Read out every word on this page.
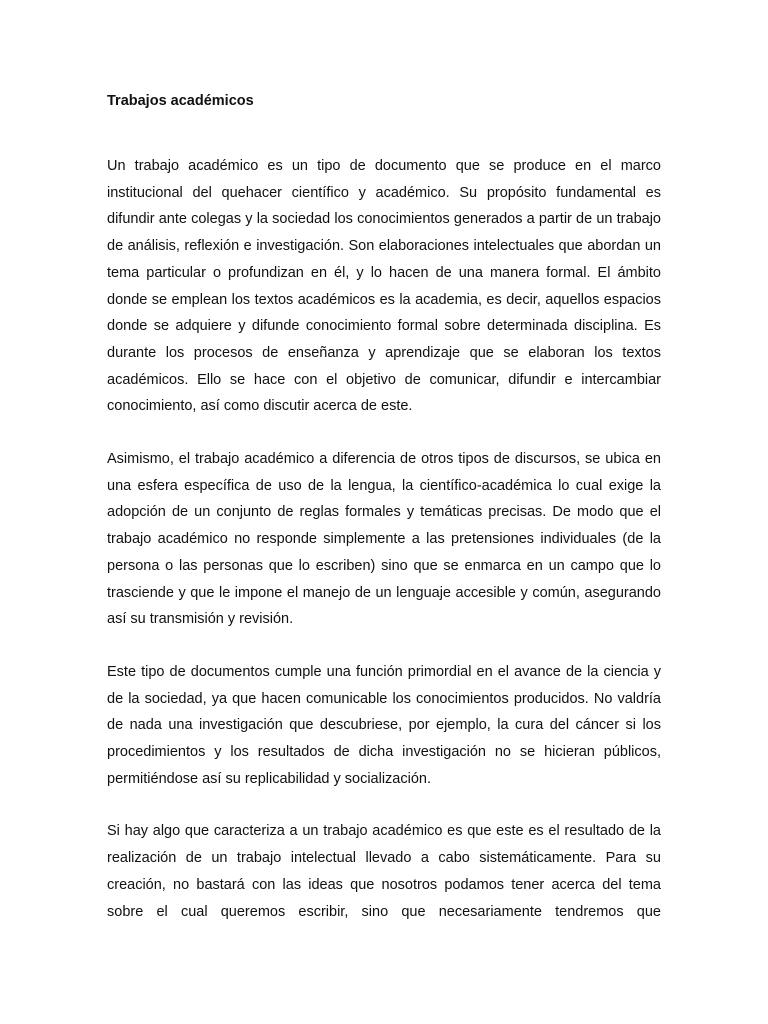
Trabajos académicos

Un trabajo académico es un tipo de documento que se produce en el marco institucional del quehacer científico y académico. Su propósito fundamental es difundir ante colegas y la sociedad los conocimientos generados a partir de un trabajo de análisis, reflexión e investigación. Son elaboraciones intelectuales que abordan un tema particular o profundizan en él, y lo hacen de una manera formal. El ámbito donde se emplean los textos académicos es la academia, es decir, aquellos espacios donde se adquiere y difunde conocimiento formal sobre determinada disciplina. Es durante los procesos de enseñanza y aprendizaje que se elaboran los textos académicos. Ello se hace con el objetivo de comunicar, difundir e intercambiar conocimiento, así como discutir acerca de este.

Asimismo, el trabajo académico a diferencia de otros tipos de discursos, se ubica en una esfera específica de uso de la lengua, la científico-académica lo cual exige la adopción de un conjunto de reglas formales y temáticas precisas. De modo que el trabajo académico no responde simplemente a las pretensiones individuales (de la persona o las personas que lo escriben) sino que se enmarca en un campo que lo trasciende y que le impone el manejo de un lenguaje accesible y común, asegurando así su transmisión y revisión.

Este tipo de documentos cumple una función primordial en el avance de la ciencia y de la sociedad, ya que hacen comunicable los conocimientos producidos. No valdría de nada una investigación que descubriese, por ejemplo, la cura del cáncer si los procedimientos y los resultados de dicha investigación no se hicieran públicos, permitiéndose así su replicabilidad y socialización.

Si hay algo que caracteriza a un trabajo académico es que este es el resultado de la realización de un trabajo intelectual llevado a cabo sistemáticamente. Para su creación, no bastará con las ideas que nosotros podamos tener acerca del tema sobre el cual queremos escribir, sino que necesariamente tendremos que
